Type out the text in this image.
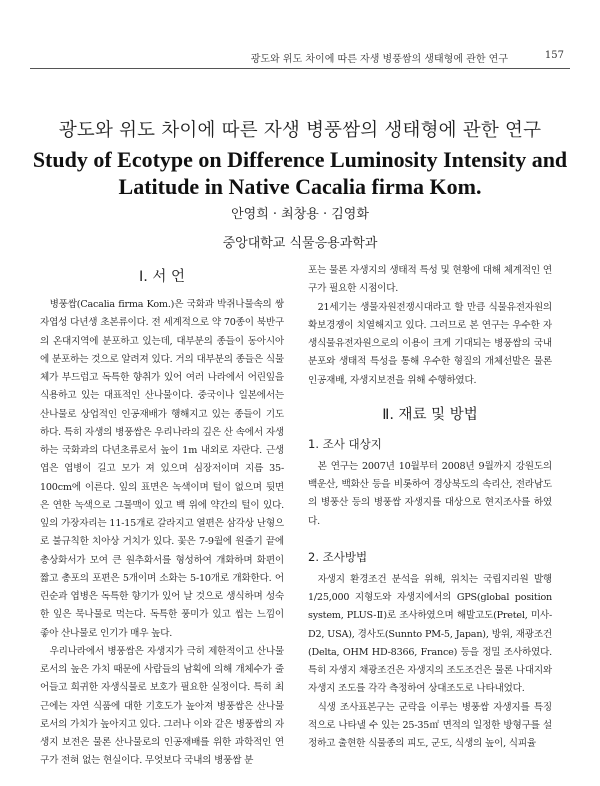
광도와 위도 차이에 따른 자생 병풍쌈의 생태형에 관한 연구	157
광도와 위도 차이에 따른 자생 병풍쌈의 생태형에 관한 연구
Study of Ecotype on Difference Luminosity Intensity and
Latitude in Native Cacalia firma Kom.
안영희 · 최창용 · 김영화
중앙대학교 식물응용과학과
Ⅰ. 서 언

병풍쌈(Cacalia firma Kom.)은 국화과 박쥐나물속의 쌍자엽성 다년생 초본류이다. 전 세계적으로 약 70종이 북반구의 온대지역에 분포하고 있는데, 대부분의 종들이 동아시아에 분포하는 것으로 알려져 있다. 거의 대부분의 종들은 식물체가 부드럽고 독특한 향취가 있어 여러 나라에서 어린잎을 식용하고 있는 대표적인 산나물이다. 중국이나 일본에서는 산나물로 상업적인 인공재배가 행해지고 있는 종들이 기도 하다. 특히 자생의 병풍쌈은 우리나라의 깊은 산 속에서 자생하는 국화과의 다년초류로서 높이 1m 내외로 자란다. 근생엽은 엽병이 길고 모가 져 있으며 심장저이며 지름 35-100cm에 이른다. 잎의 표면은 녹색이며 털이 없으며 뒷면은 연한 녹색으로 그물맥이 있고 백 위에 약간의 털이 있다. 잎의 가장자리는 11-15개로 갈라지고 열편은 삼각상 난형으로 불규칙한 치아상 거치가 있다. 꽃은 7-9월에 원줄기 끝에 총상화서가 모여 큰 원추화서를 형성하여 개화하며 화편이 짧고 총포의 포편은 5개이며 소화는 5-10개로 개화한다. 어린순과 엽병은 독특한 향기가 있어 날 것으로 생식하며 성숙한 잎은 묵나물로 먹는다. 독특한 풍미가 있고 씹는 느낌이 좋아 산나물로 인기가 매우 높다.

우리나라에서 병풍쌈은 자생지가 극히 제한적이고 산나물로서의 높은 가치 때문에 사람들의 남획에 의해 개체수가 줄어들고 희귀한 자생식물로 보호가 필요한 실정이다. 특히 최근에는 자연 식품에 대한 기호도가 높아져 병풍쌈은 산나물로서의 가치가 높아지고 있다. 그러나 이와 같은 병풍쌈의 자생지 보전은 물론 산나물로의 인공재배를 위한 과학적인 연구가 전혀 없는 현실이다. 무엇보다 국내의 병풍쌈 분

포는 물론 자생지의 생태적 특성 및 현황에 대해 체계적인 연구가 필요한 시점이다.

21세기는 생물자원전쟁시대라고 할 만큼 식물유전자원의 확보경쟁이 치열해지고 있다. 그러므로 본 연구는 우수한 자생식물유전자원으로의 이용이 크게 기대되는 병풍쌈의 국내 분포와 생태적 특성을 통해 우수한 형질의 개체선발은 물론 인공재배, 자생지보전을 위해 수행하였다.

Ⅱ. 재료 및 방법
1. 조사 대상지

본 연구는 2007년 10월부터 2008년 9월까지 강원도의 백운산, 백화산 등을 비롯하여 경상북도의 속리산, 전라남도의 병풍산 등의 병풍쌈 자생지를 대상으로 현지조사를 하였다.

2. 조사방법

자생지 환경조건 분석을 위해, 위치는 국립지리원 발행 1/25,000 지형도와 자생지에서의 GPS(global position system, PLUS-Ⅱ)로 조사하였으며 해발고도(Pretel, 미사-D2, USA), 경사도(Sunnto PM-5, Japan), 방위, 재광조건(Delta, OHM HD-8366, France) 등을 정밀 조사하였다. 특히 자생지 채광조건은 자생지의 조도조건은 물론 나대지와 자생지 조도를 각각 측정하여 상대조도로 나타내었다.

식생 조사표본구는 군락을 이루는 병풍쌈 자생지를 특징적으로 나타낼 수 있는 25-35㎡ 면적의 일정한 방형구를 설정하고 출현한 식물종의 피도, 군도, 식생의 높이, 식피율
